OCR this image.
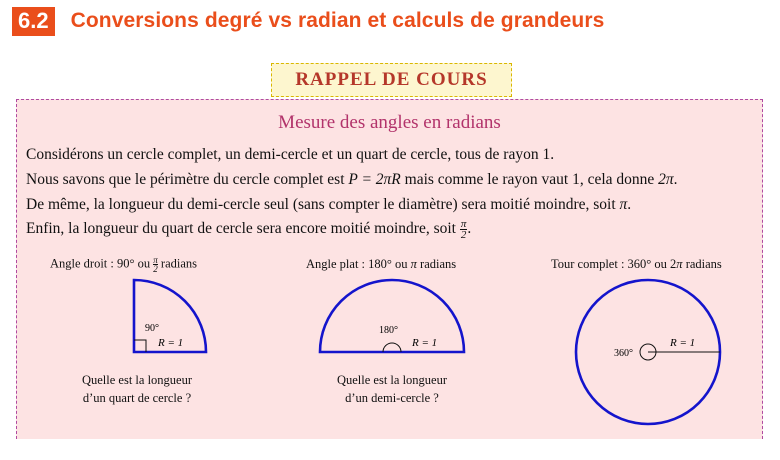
6.2 Conversions degré vs radian et calculs de grandeurs
RAPPEL DE COURS
Mesure des angles en radians
Considérons un cercle complet, un demi-cercle et un quart de cercle, tous de rayon 1.
Nous savons que le périmètre du cercle complet est P = 2πR mais comme le rayon vaut 1, cela donne 2π.
De même, la longueur du demi-cercle seul (sans compter le diamètre) sera moitié moindre, soit π.
Enfin, la longueur du quart de cercle sera encore moitié moindre, soit $\frac{\pi}{2}$ .
Angle droit : 90° ou $\frac{\pi}{2}$ radians	Angle plat : 180° ou π radians	Tour complet : 360° ou 2π radians
90°
R = 1
180°
R = 1
360°
R = 1
Quelle est la longueur
d’un quart de cercle ?
Quelle est la longueur
d’un demi-cercle ?
